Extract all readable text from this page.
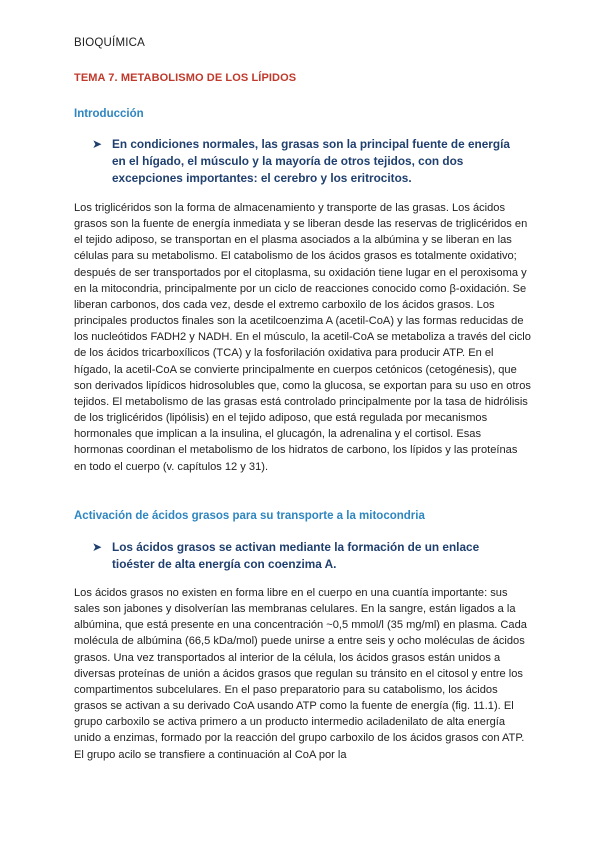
BIOQUÍMICA
TEMA 7. METABOLISMO DE LOS LÍPIDOS
Introducción
➤ En condiciones normales, las grasas son la principal fuente de energía en el hígado, el músculo y la mayoría de otros tejidos, con dos excepciones importantes: el cerebro y los eritrocitos.
Los triglicéridos son la forma de almacenamiento y transporte de las grasas. Los ácidos grasos son la fuente de energía inmediata y se liberan desde las reservas de triglicéridos en el tejido adiposo, se transportan en el plasma asociados a la albúmina y se liberan en las células para su metabolismo. El catabolismo de los ácidos grasos es totalmente oxidativo; después de ser transportados por el citoplasma, su oxidación tiene lugar en el peroxisoma y en la mitocondria, principalmente por un ciclo de reacciones conocido como β-oxidación. Se liberan carbonos, dos cada vez, desde el extremo carboxilo de los ácidos grasos. Los principales productos finales son la acetilcoenzima A (acetil-CoA) y las formas reducidas de los nucleótidos FADH2 y NADH. En el músculo, la acetil-CoA se metaboliza a través del ciclo de los ácidos tricarboxílicos (TCA) y la fosforilación oxidativa para producir ATP. En el hígado, la acetil-CoA se convierte principalmente en cuerpos cetónicos (cetogénesis), que son derivados lipídicos hidrosolubles que, como la glucosa, se exportan para su uso en otros tejidos. El metabolismo de las grasas está controlado principalmente por la tasa de hidrólisis de los triglicéridos (lipólisis) en el tejido adiposo, que está regulada por mecanismos hormonales que implican a la insulina, el glucagón, la adrenalina y el cortisol. Esas hormonas coordinan el metabolismo de los hidratos de carbono, los lípidos y las proteínas en todo el cuerpo (v. capítulos 12 y 31).
Activación de ácidos grasos para su transporte a la mitocondria
➤ Los ácidos grasos se activan mediante la formación de un enlace tioéster de alta energía con coenzima A.
Los ácidos grasos no existen en forma libre en el cuerpo en una cuantía importante: sus sales son jabones y disolverían las membranas celulares. En la sangre, están ligados a la albúmina, que está presente en una concentración ~0,5 mmol/l (35 mg/ml) en plasma. Cada molécula de albúmina (66,5 kDa/mol) puede unirse a entre seis y ocho moléculas de ácidos grasos. Una vez transportados al interior de la célula, los ácidos grasos están unidos a diversas proteínas de unión a ácidos grasos que regulan su tránsito en el citosol y entre los compartimentos subcelulares. En el paso preparatorio para su catabolismo, los ácidos grasos se activan a su derivado CoA usando ATP como la fuente de energía (fig. 11.1). El grupo carboxilo se activa primero a un producto intermedio aciladenilato de alta energía unido a enzimas, formado por la reacción del grupo carboxilo de los ácidos grasos con ATP. El grupo acilo se transfiere a continuación al CoA por la
